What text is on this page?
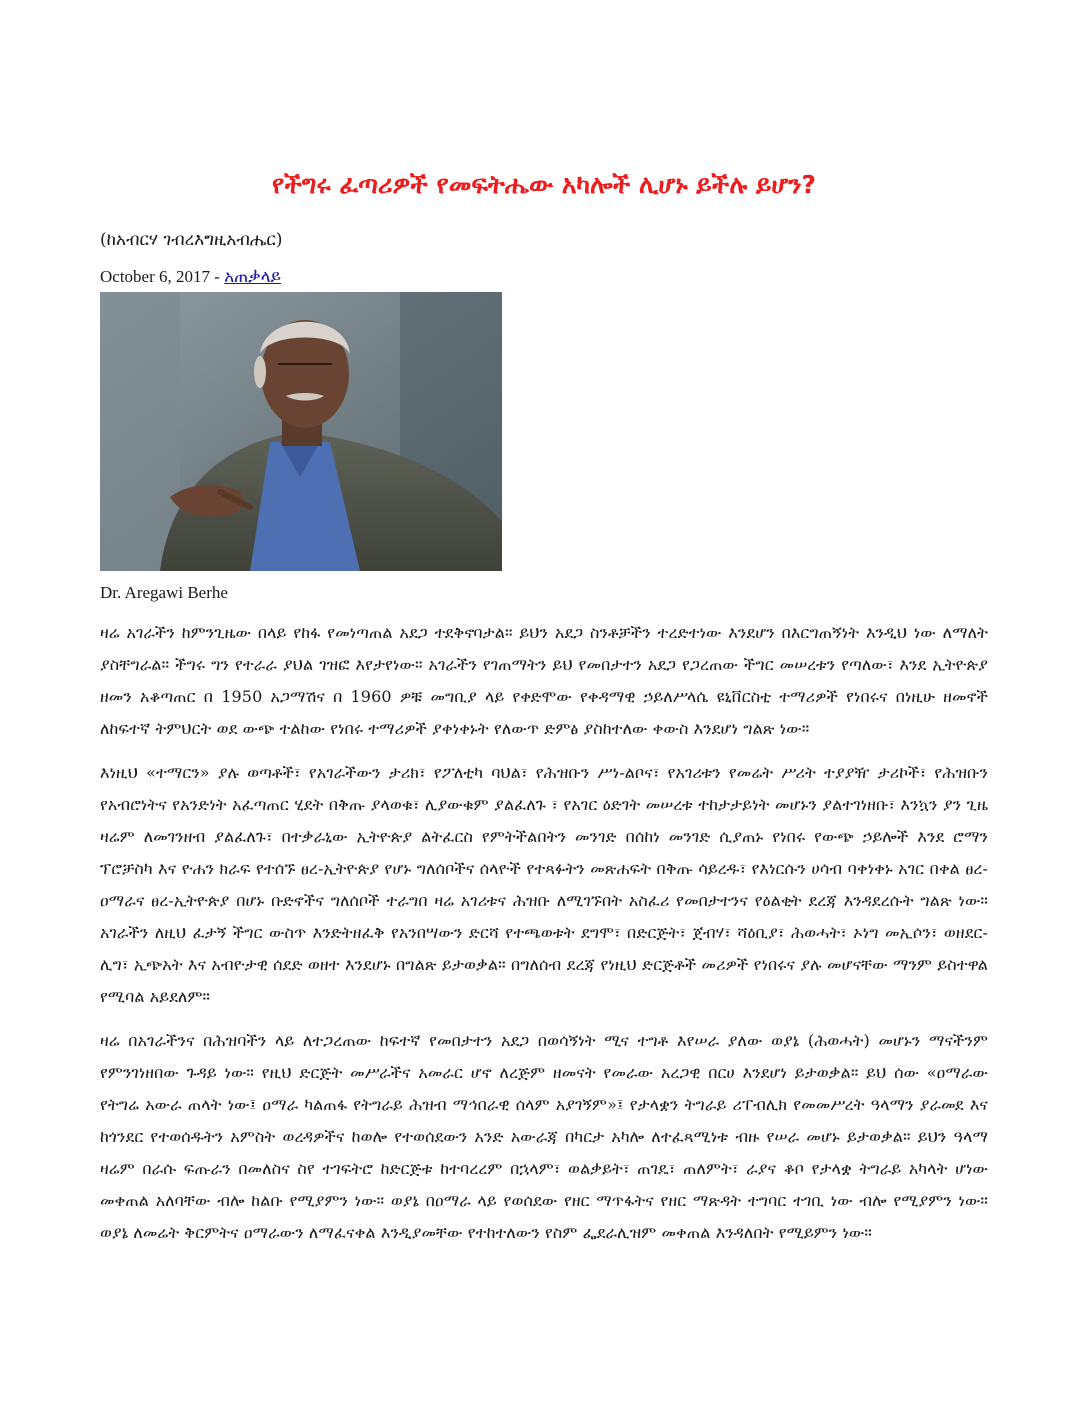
የችግሩ ፈጣሪዎች የመፍትሔው አካሎች ሊሆኑ ይችሉ ይሆን?
(ከአብርሃ ገብረእግዚአብሔር)
October 6, 2017 - አጠቃላይ
Dr. Aregawi Berhe

ዛሬ አገራችን ከምንጊዜው በላይ የከፋ የመነጣጠል አደጋ ተደቅኖባታል። ይህን አደጋ ስንቶቻችን ተረድተነው እንደሆን በእርግጠኝነት እንዲህ ነው ለማለት ያስቸግራል። ችግሩ ግን የተራራ ያህል ገዝፎ እየታየነው። አገራችን የገጠማትን ይህ የመበታተን አደጋ የጋረጠው ችግር መሠረቱን የጣለው፣ እንደ ኢትዮጵያ ዘመን አቆጣጠር በ 1950 አጋማሽና በ 1960 ዎቹ መግቢያ ላይ የቀድሞው የቀዳማዊ ኃይለሥላሴ ዩኒቨርስቲ ተማሪዎች የነበሩና በነዚሁ ዘመኖች ለከፍተኛ ትምህርት ወደ ውጭ ተልከው የነበሩ ተማሪዎች ያቀነቀኑት የለውጥ ድምፅ ያስከተለው ቀውስ እንደሆነ ግልጽ ነው።

እነዚህ «ተማርን» ያሉ ወጣቶች፣ የአገራችውን ታሪክ፣ የፖለቲካ ባህል፣ የሕዝቡን ሥነ-ልቦና፣ የአገሪቱን የመሬት ሥሪት ተያያዥ ታሪኮች፣ የሕዝቡን የአብሮነትና የአንድነት አፈጣጠር ሂደት በቅጡ ያላወቁ፣ ሊያውቁም ያልፈለጉ ፣ የአገር ዕድገት መሠረቱ ተከታታይነት መሆኑን ያልተገነዘቡ፣ እንኳን ያን ጊዜ ዛሬም ለመገንዘብ ያልፈለጉ፣ በተቃራኒው ኢትዮጵያ ልትፈርስ የምትችልበትን መንገድ በሰከነ መንገድ ሲያጠኑ የነበሩ የውጭ ኃይሎች እንደ ሮማን ፕሮቻስካ እና ዮሐን ክራፍ የተሰኙ ፀረ-ኢትዮጵያ የሆኑ ግለሰቦችና ሰላዮች የተጻፉትን መጽሐፍት በቅጡ ሳይረዱ፣ የእነርሱን ሀሳብ ባቀነቀኑ አገር በቀል ፀረ-ዐማራና ፀረ-ኢትዮጵያ በሆኑ ቡድኖችና ግለሰቦች ተራግበ ዛሬ አገሪቱና ሕዝቡ ለሚገኙበት አስፈሪ የመበታተንና የዕልቂት ደረጃ እንዳደረሱት ግልጽ ነው። አገራችን ለዚህ ፈታኝ ችግር ውስጥ እንድትዘፈቅ የአንበሣውን ድርሻ የተጫወቱት ደግሞ፣ በድርጅት፣ ጀብሃ፣ ሻዕቢያ፣ ሕወሓት፣ ኦነግ መኢሶን፣ ወዘደር-ሊግ፣ ኢጭአት እና አብዮታዊ ሰደድ ወዘተ እንደሆኑ በግልጽ ይታወቃል። በግለሰብ ደረጃ የነዚህ ድርጅቶች መሪዎች የነበሩና ያሉ መሆናቸው ማንም ይስተዋል የሚባል አይደለም።

ዛሬ በአገራችንና በሕዝባችን ላይ ለተጋረጠው ከፍተኛ የመበታተን አደጋ በወሳኝነት ሚና ተግቶ እየሠራ ያለው ወያኔ (ሕወሓት) መሆኑን ማናችንም የምንገነዘበው ጉዳይ ነው። የዚህ ድርጅት መሥራችና አመራር ሆኖ ለረጅም ዘመናት የመራው አረጋዊ በርሀ እንደሆነ ይታወቃል። ይህ ሰው «ዐማራው የትግሬ አውራ ጠላት ነው፤ ዐማራ ካልጠፋ የትግራይ ሕዝብ ማኅበራዊ ሰላም አያገኝም»፤ የታላቋን ትግራይ ሪፐብሊክ የመመሥረት ዓላማን ያራመደ እና ከጎንደር የተወሰዱትን አምስት ወረዳዎችና ከወሎ የተወሰደውን አንድ አውራጃ በካርታ አካሎ ለተፈጻሚነቱ ብዙ የሠራ መሆኑ ይታወቃል። ይህን ዓላማ ዛሬም በራሱ ፍጡራን በመለስና ስየ ተገፍትሮ ከድርጅቱ ከተባረረም በኋላም፣ ወልቃይት፣ ጠገዴ፣ ጠለምት፣ ራያና ቆቦ የታላቋ ትግራይ አካላት ሆነው መቀጠል አለባቸው ብሎ ከልቡ የሚያምን ነው። ወያኔ በዐማራ ላይ የወሰደው የዘር ማጥፋትና የዘር ማጽዳት ተግባር ተገቢ ነው ብሎ የሚያምን ነው። ወያኔ ለመሬት ቅርምትና ዐማራውን ለማፈናቀል እንዲያመቸው የተከተለውን የስም ፌደራሊዝም መቀጠል እንዳለበት የሚይምን ነው።
